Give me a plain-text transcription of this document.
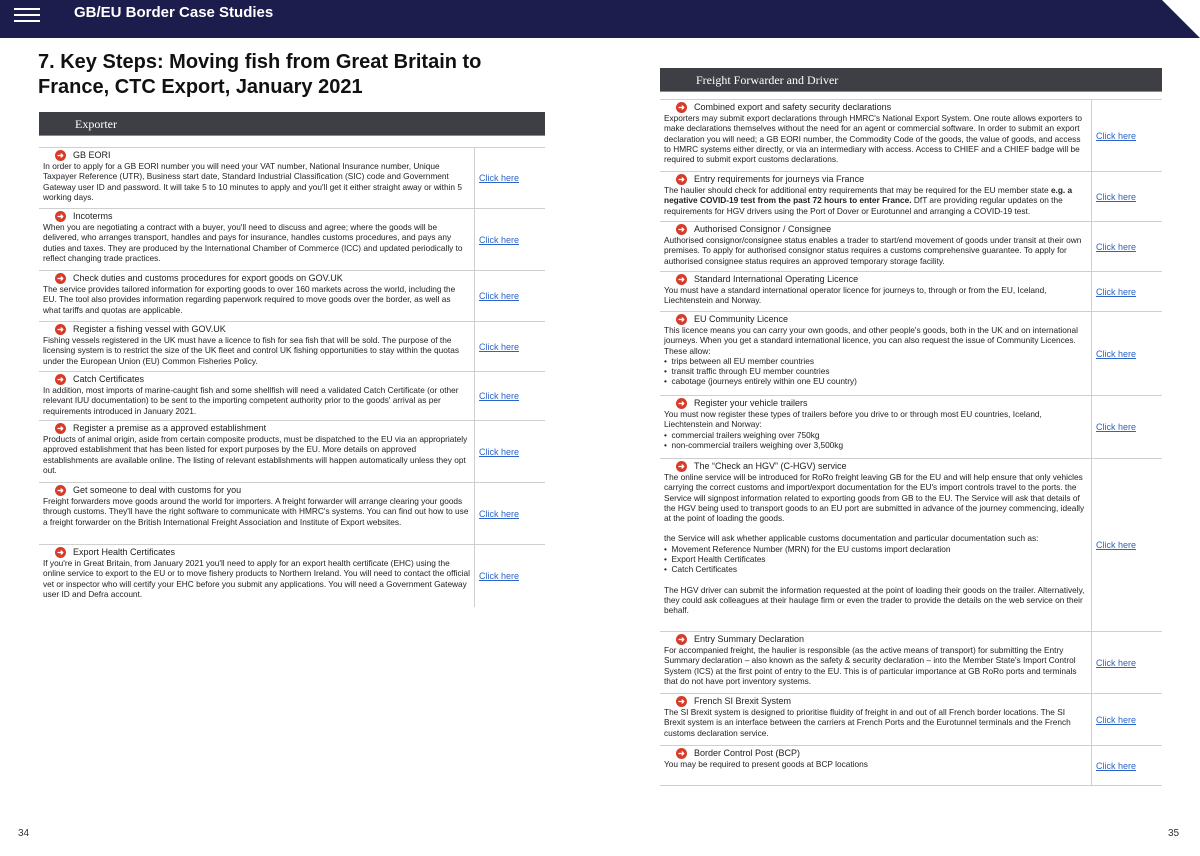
GB/EU Border Case Studies
7. Key Steps: Moving fish from Great Britain to France, CTC Export, January 2021
Exporter
➜ GB EORI
In order to apply for a GB EORI number you will need your VAT number, National Insurance number, Unique Taxpayer Reference (UTR), Business start date, Standard Industrial Classification (SIC) code and Government Gateway user ID and password. It will take 5 to 10 minutes to apply and you'll get it either straight away or within 5 working days.
Click here
➜ Incoterms
When you are negotiating a contract with a buyer, you'll need to discuss and agree; where the goods will be delivered, who arranges transport, handles and pays for insurance, handles customs procedures, and pays any duties and taxes. They are produced by the International Chamber of Commerce (ICC) and updated periodically to reflect changing trade practices.
Click here
➜ Check duties and customs procedures for export goods on GOV.UK
The service provides tailored information for exporting goods to over 160 markets across the world, including the EU. The tool also provides information regarding paperwork required to move goods over the border, as well as what tariffs and quotas are applicable.
Click here
➜ Register a fishing vessel with GOV.UK
Fishing vessels registered in the UK must have a licence to fish for sea fish that will be sold. The purpose of the licensing system is to restrict the size of the UK fleet and control UK fishing opportunities to stay within the quotas under the European Union (EU) Common Fisheries Policy.
Click here
➜ Catch Certificates
In addition, most imports of marine-caught fish and some shellfish will need a validated Catch Certificate (or other relevant IUU documentation) to be sent to the importing competent authority prior to the goods' arrival as per requirements introduced in January 2021.
Click here
➜ Register a premise as a approved establishment
Products of animal origin, aside from certain composite products, must be dispatched to the EU via an appropriately approved establishment that has been listed for export purposes by the EU. More details on approved establishments are available online. The listing of relevant establishments will happen automatically unless they opt out.
Click here
➜ Get someone to deal with customs for you
Freight forwarders move goods around the world for importers. A freight forwarder will arrange clearing your goods through customs. They'll have the right software to communicate with HMRC's systems. You can find out how to use a freight forwarder on the British International Freight Association and Institute of Export websites.
Click here
➜ Export Health Certificates
If you're in Great Britain, from January 2021 you'll need to apply for an export health certificate (EHC) using the online service to export to the EU or to move fishery products to Northern Ireland. You will need to contact the official vet or inspector who will certify your EHC before you submit any applications. You will need a Government Gateway user ID and Defra account.
Click here
Freight Forwarder and Driver
➜ Combined export and safety security declarations
Exporters may submit export declarations through HMRC's National Export System. One route allows exporters to make declarations themselves without the need for an agent or commercial software. In order to submit an export declaration you will need; a GB EORI number, the Commodity Code of the goods, the value of goods, and access to HMRC systems either directly, or via an intermediary with access. Access to CHIEF and a CHIEF badge will be required to submit export customs declarations.
Click here
➜ Entry requirements for journeys via France
The haulier should check for additional entry requirements that may be required for the EU member state e.g. a negative COVID-19 test from the past 72 hours to enter France. DfT are providing regular updates on the requirements for HGV drivers using the Port of Dover or Eurotunnel and arranging a COVID-19 test.
Click here
➜ Authorised Consignor / Consignee
Authorised consignor/consignee status enables a trader to start/end movement of goods under transit at their own premises. To apply for authorised consignor status requires a customs comprehensive guarantee. To apply for authorised consignee status requires an approved temporary storage facility.
Click here
➜ Standard International Operating Licence
You must have a standard international operator licence for journeys to, through or from the EU, Iceland, Liechtenstein and Norway.
Click here
➜ EU Community Licence
This licence means you can carry your own goods, and other people's goods, both in the UK and on international journeys. When you get a standard international licence, you can also request the issue of Community Licences. These allow:
•  trips between all EU member countries
•  transit traffic through EU member countries
•  cabotage (journeys entirely within one EU country)
Click here
➜ Register your vehicle trailers
You must now register these types of trailers before you drive to or through most EU countries, Iceland, Liechtenstein and Norway:
•  commercial trailers weighing over 750kg
•  non-commercial trailers weighing over 3,500kg
Click here
➜ The “Check an HGV” (C-HGV) service
The online service will be introduced for RoRo freight leaving GB for the EU and will help ensure that only vehicles carrying the correct customs and import/export documentation for the EU's import controls travel to the ports. the Service will signpost information related to exporting goods from GB to the EU. The Service will ask that details of the HGV being used to transport goods to an EU port are submitted in advance of the journey commencing, ideally at the point of loading the goods.
the Service will ask whether applicable customs documentation and particular documentation such as:
•  Movement Reference Number (MRN) for the EU customs import declaration
•  Export Health Certificates
•  Catch Certificates
The HGV driver can submit the information requested at the point of loading their goods on the trailer. Alternatively, they could ask colleagues at their haulage firm or even the trader to provide the details on the web service on their behalf.
Click here
➜ Entry Summary Declaration
For accompanied freight, the haulier is responsible (as the active means of transport) for submitting the Entry Summary declaration – also known as the safety & security declaration – into the Member State's Import Control System (ICS) at the first point of entry to the EU. This is of particular importance at GB RoRo ports and terminals that do not have port inventory systems.
Click here
➜ French SI Brexit System
The SI Brexit system is designed to prioritise fluidity of freight in and out of all French border locations. The SI Brexit system is an interface between the carriers at French Ports and the Eurotunnel terminals and the French customs declaration service.
Click here
➜ Border Control Post (BCP)
You may be required to present goods at BCP locations	Click here
34	35
